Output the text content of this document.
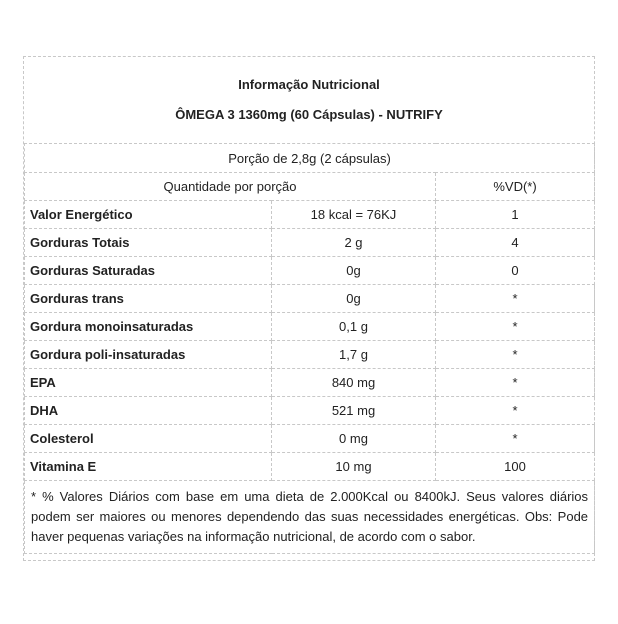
Informação Nutricional
ÔMEGA 3 1360mg (60 Cápsulas) - NUTRIFY
Porção de 2,8g (2 cápsulas)		
Quantidade por porção		%VD(*)
Valor Energético	18 kcal = 76KJ	1
Gorduras Totais	2 g	4
Gorduras Saturadas	0g	0
Gorduras trans	0g	*
Gordura monoinsaturadas	0,1 g	*
Gordura poli-insaturadas	1,7 g	*
EPA	840 mg	*
DHA	521 mg	*
Colesterol	0 mg	*
Vitamina E	10 mg	100
* % Valores Diários com base em uma dieta de 2.000Kcal ou 8400kJ. Seus valores diários podem ser maiores ou menores dependendo das suas necessidades energéticas. Obs: Pode haver pequenas variações na informação nutricional, de acordo com o sabor.		
